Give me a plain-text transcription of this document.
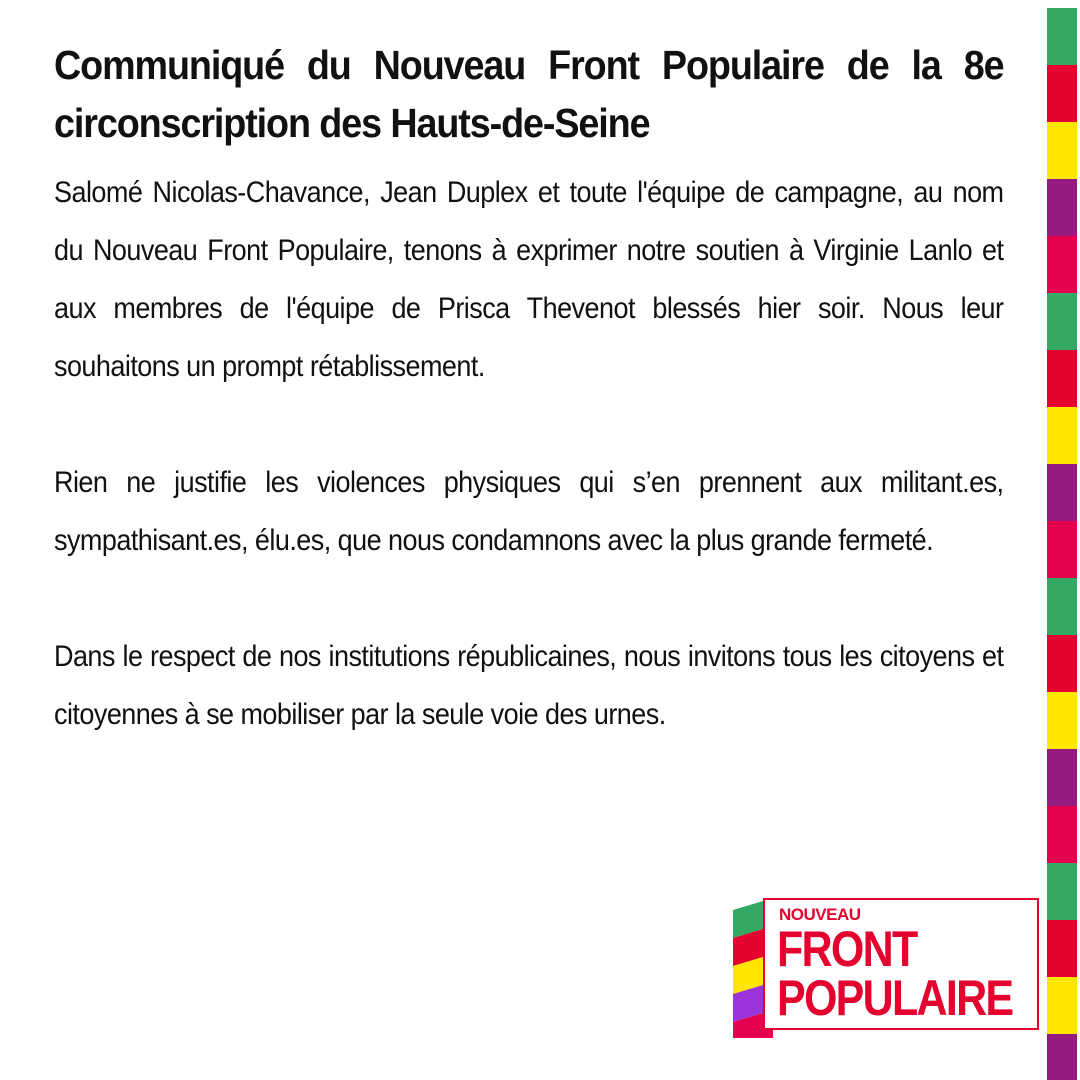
Communiqué du Nouveau Front Populaire de la 8e circonscription des Hauts-de-Seine

Salomé Nicolas-Chavance, Jean Duplex et toute l'équipe de campagne, au nom du Nouveau Front Populaire, tenons à exprimer notre soutien à Virginie Lanlo et aux membres de l'équipe de Prisca Thevenot blessés hier soir. Nous leur souhaitons un prompt rétablissement.

Rien ne justifie les violences physiques qui s’en prennent aux militant.es, sympathisant.es, élu.es, que nous condamnons avec la plus grande fermeté.

Dans le respect de nos institutions républicaines, nous invitons tous les citoyens et citoyennes à se mobiliser par la seule voie des urnes.

NOUVEAU
FRONT
POPULAIRE
